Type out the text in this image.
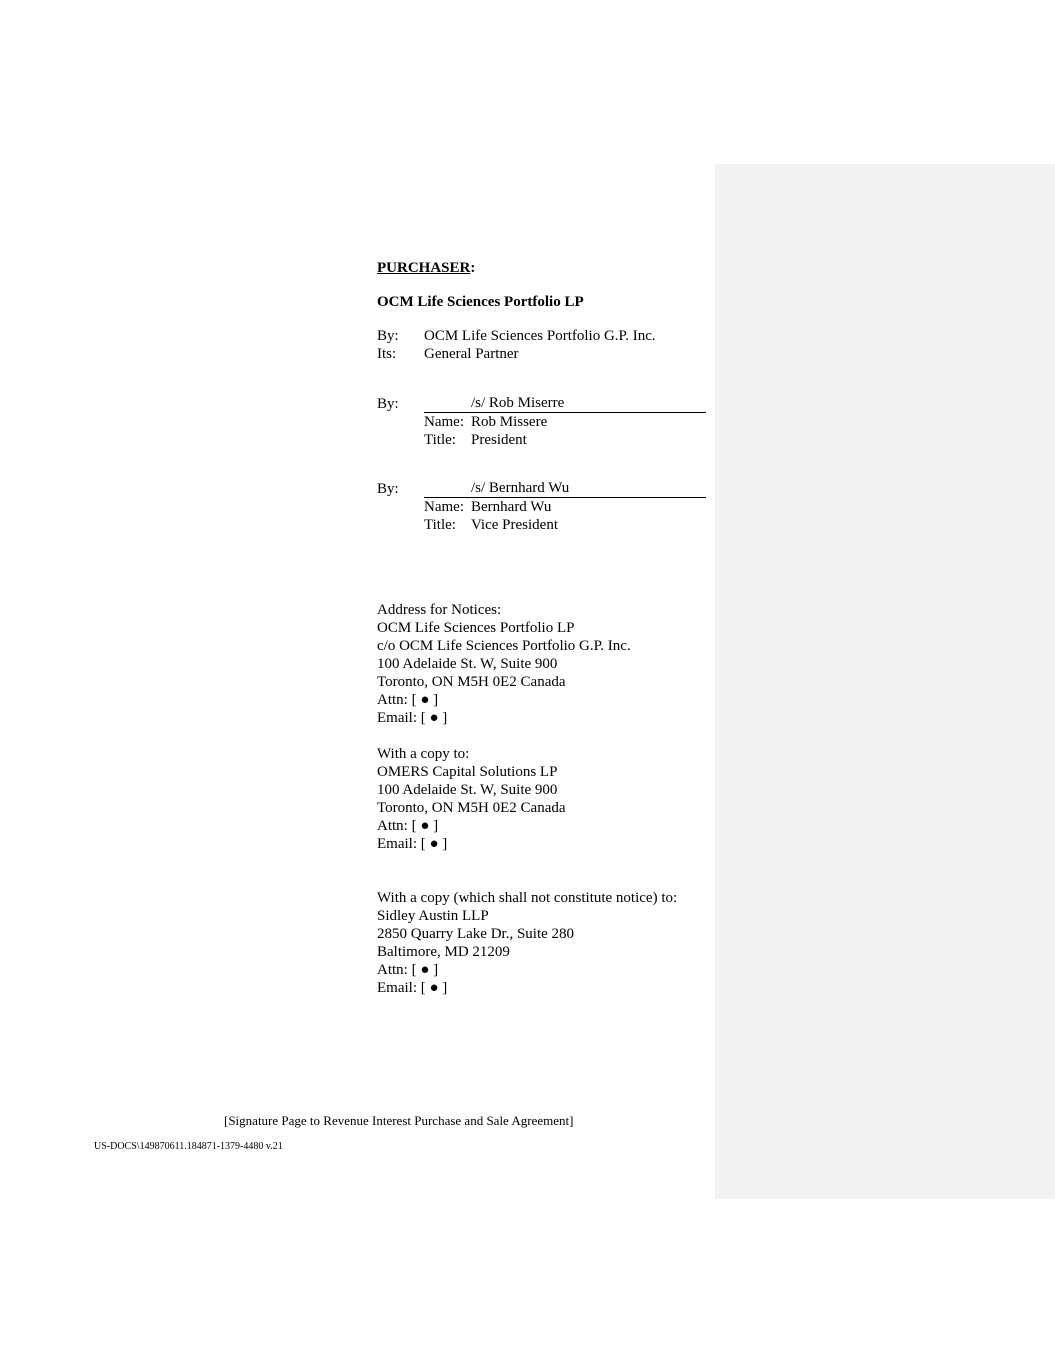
PURCHASER:
OCM Life Sciences Portfolio LP
By: OCM Life Sciences Portfolio G.P. Inc.
Its: General Partner
By:	/s/ Rob Miserre
Name: Rob Missere
Title: President
By:	/s/ Bernhard Wu
Name: Bernhard Wu
Title: Vice President
Address for Notices:
OCM Life Sciences Portfolio LP
c/o OCM Life Sciences Portfolio G.P. Inc.
100 Adelaide St. W, Suite 900
Toronto, ON M5H 0E2 Canada
Attn: [ ● ]
Email: [ ● ]
With a copy to:
OMERS Capital Solutions LP
100 Adelaide St. W, Suite 900
Toronto, ON M5H 0E2 Canada
Attn: [ ● ]
Email: [ ● ]
With a copy (which shall not constitute notice) to:
Sidley Austin LLP
2850 Quarry Lake Dr., Suite 280
Baltimore, MD 21209
Attn: [ ● ]
Email: [ ● ]
[Signature Page to Revenue Interest Purchase and Sale Agreement]
US-DOCS\149870611.184871-1379-4480 v.21
